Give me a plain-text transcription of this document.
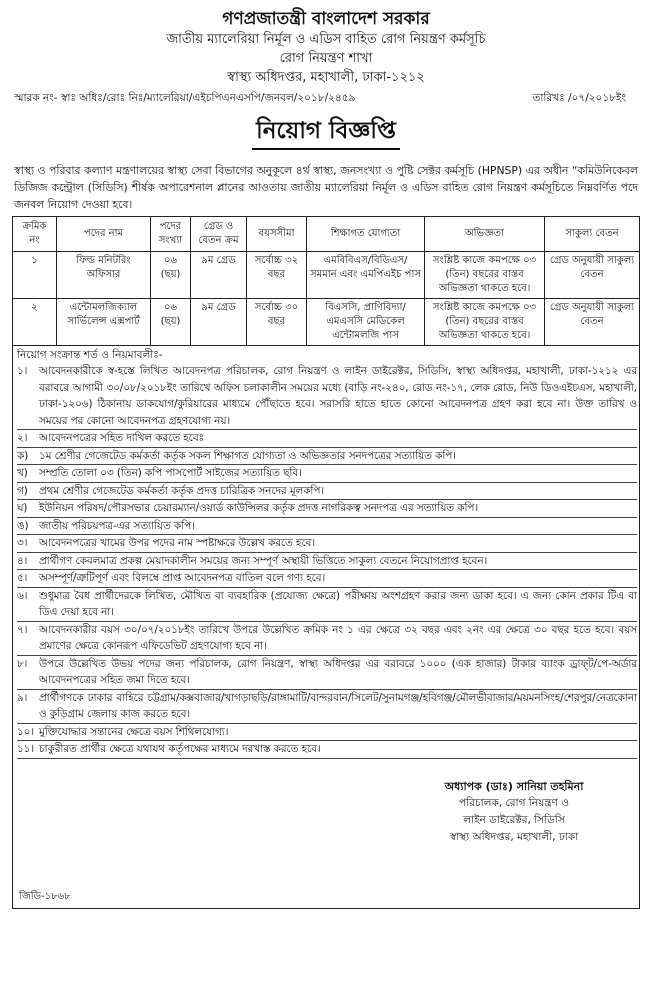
গণপ্রজাতন্ত্রী বাংলাদেশ সরকার
জাতীয় ম্যালেরিয়া নির্মূল ও এডিস বাহিত রোগ নিয়ন্ত্রণ কর্মসূচি
রোগ নিয়ন্ত্রণ শাখা
স্বাস্থ্য অধিদপ্তর, মহাখালী, ঢাকা-১২১২
স্মারক নং- স্বাঃ অধিঃ/রোঃ নিঃ/ম্যালেরিয়া/এইচপিএনএসপি/জনবল/২০১৮/২৪৫৯	তারিখঃ /০৭/২০১৮ইং
নিয়োগ বিজ্ঞপ্তি
স্বাস্থ্য ও পরিবার কল্যাণ মন্ত্রণালয়ের স্বাস্থ্য সেবা বিভাগের অনুকূলে ৪র্থ স্বাস্থ্য, জনসংখ্যা ও পুষ্টি সেক্টর কর্মসূচি (HPNSP) এর অধীন “কমিউনিকেবল ডিজিজ কন্ট্রোল (সিডিসি) শীর্ষক অপারেশনাল প্লানের আওতায় জাতীয় ম্যালেরিয়া নির্মূল ও এডিস বাহিত রোগ নিয়ন্ত্রণ কর্মসূচিতে নিম্নবর্ণিত পদে জনবল নিয়োগ দেওয়া হবে।
ক্রমিক নং	পদের নাম	পদের সংখ্যা	গ্রেড ও বেতন ক্রম	বয়সসীমা	শিক্ষাগত যোগ্যতা	অভিজ্ঞতা	সাকুল্য বেতন
১	ফিল্ড মনিটরিং অফিসার	০৬ (ছয়)	৯ম গ্রেড	সর্বোচ্চ ৩২ বছর	এমবিবিএস/বিডিএস/ সমমান এবং এমপিএইচ পাস	সংশ্লিষ্ট কাজে কমপক্ষে ০৩ (তিন) বছরের বাস্তব অভিজ্ঞতা থাকতে হবে।	গ্রেড অনুযায়ী সাকুল্য বেতন
২	এন্টোমলজিক্যাল সার্ভিলেন্স এক্সপার্ট	০৬ (ছয়)	৯ম গ্রেড	সর্বোচ্চ ৩০ বছর	বিএসসি, প্রাণিবিদ্যা/এমএসসি মেডিকেল এন্টোমলজি পাস	সংশ্লিষ্ট কাজে কমপক্ষে ০৩ (তিন) বছরের বাস্তব অভিজ্ঞতা থাকতে হবে।	গ্রেড অনুযায়ী সাকুল্য বেতন
নিয়োগ সংক্রান্ত শর্ত ও নিয়মাবলীঃ-
১।	আবেদনকারীকে স্ব-হস্তে লিখিত আবেদনপত্র পরিচালক, রোগ নিয়ন্ত্রণ ও লাইন ডাইরেক্টর, সিডিসি, স্বাস্থ্য অধিদপ্তর, মহাখালী, ঢাকা-১২১২ এর বরাবরে আগামী ৩০/০৮/২০১৮ইং তারিখে অফিস চলাকালীন সময়ের মধ্যে (বাড়ি নং-২৪০, রোড নং-১৭, লেক রোড, নিউ ডিওএইচএস, মহাখালী, ঢাকা-১২০৬) ঠিকানায় ডাকযোগ/কুরিয়ারের মাধ্যমে পৌঁছাতে হবে। সরাসরি হাতে হাতে কোনো আবেদনপত্র গ্রহণ করা হবে না। উক্ত তারিখ ও সময়ের পর কোনো আবেদনপত্র গ্রহণযোগ্য নয়।
২।	আবেদনপত্রের সহিত দাখিল করতে হবেঃ
ক)	১ম শ্রেণীর গেজেটেড কর্মকর্তা কর্তৃক সকল শিক্ষাগত যোগ্যতা ও অভিজ্ঞতার সনদপত্রের সত্যায়িত কপি।
খ)	সম্প্রতি তোলা ০৩ (তিন) কপি পাসপোর্ট সাইজের সত্যায়িত ছবি।
গ)	প্রথম শ্রেণীর গেজেটেড কর্মকর্তা কর্তৃক প্রদত্ত চারিত্রিক সনদের মূলকপি।
ঘ)	ইউনিয়ন পরিষদ/পৌরসভার চেয়ারম্যান/ওয়ার্ড কাউন্সিলর কর্তৃক প্রদত্ত নাগরিকত্ব সনদপত্র এর সত্যায়িত কপি।
ঙ)	জাতীয় পরিচয়পত্র-এর সত্যায়িত কপি।
৩।	আবেদনপত্রের খামের উপর পদের নাম স্পষ্টাক্ষরে উল্লেখ করতে হবে।
৪।	প্রার্থীগণ কেবলমাত্র প্রকল্প মেয়াদকালীন সময়ের জন্য সম্পূর্ণ অস্থায়ী ভিত্তিতে সাকুল্য বেতনে নিয়োগপ্রাপ্ত হবেন।
৫।	অসম্পূর্ণ/ত্রুটিপূর্ণ এবং বিলম্বে প্রাপ্ত আবেদনপত্র বাতিল বলে গণ্য হবে।
৬।	শুধুমাত্র বৈধ প্রার্থীদেরকে লিখিত, মৌখিত বা ব্যবহারিক (প্রযোজ্য ক্ষেত্রে) পরীক্ষায় অংশগ্রহণ করার জন্য ডাকা হবে। এ জন্য কোন প্রকার টিএ বা ডিএ দেয়া হবে না।
৭।	আবেদনকারীর বয়স ৩০/০৭/২০১৮ইং তারিখে উপরে উল্লেখিত ক্রমিক নং ১ এর ক্ষেত্রে ৩২ বছর এবং ২নং এর ক্ষেত্রে ৩০ বছর হতে হবে। বয়স প্রমাণের ক্ষেত্রে কোনরূপ এফিডেভিট গ্রহণযোগ্য হবে না।
৮।	উপরে উল্লেখিত উভয় পদের জন্য পরিচালক, রোগ নিয়ন্ত্রণ, স্বাস্থ্য অধিদপ্তর এর বরাবরে ১০০০ (এক হাজার) টাকার ব্যাংক ড্রাফ্‌ট/পে-অর্ডার আবেদনপত্রের সহিত জমা দিতে হবে।
৯।	প্রার্থীগণকে ঢাকার বাহিরে চট্টগ্রাম/কক্সবাজার/খাগড়াছড়ি/রাঙ্গামাটি/বান্দরবান/সিলেট/সুনামগঞ্জ/হবিগঞ্জ/মৌলভীবাজার/ময়মনসিংহ/শেরপুর/নেত্রকোনা ও কুড়িগ্রাম জেলায় কাজ করতে হবে।
১০। মুক্তিযোদ্ধার সন্তানের ক্ষেত্রে বয়স শিথিলযোগ্য।
১১। চাকুরীরত প্রার্থীর ক্ষেত্রে যথাযথ কর্তৃপক্ষের মাধ্যমে দরখাস্ত করতে হবে।
অধ্যাপক (ডাঃ) সানিয়া তহমিনা
পরিচালক, রোগ নিয়ন্ত্রণ ও
লাইন ডাইরেক্টর, সিডিসি
স্বাস্থ্য অধিদপ্তর, মহাখালী, ঢাকা
জিডি-১৮৬৮
